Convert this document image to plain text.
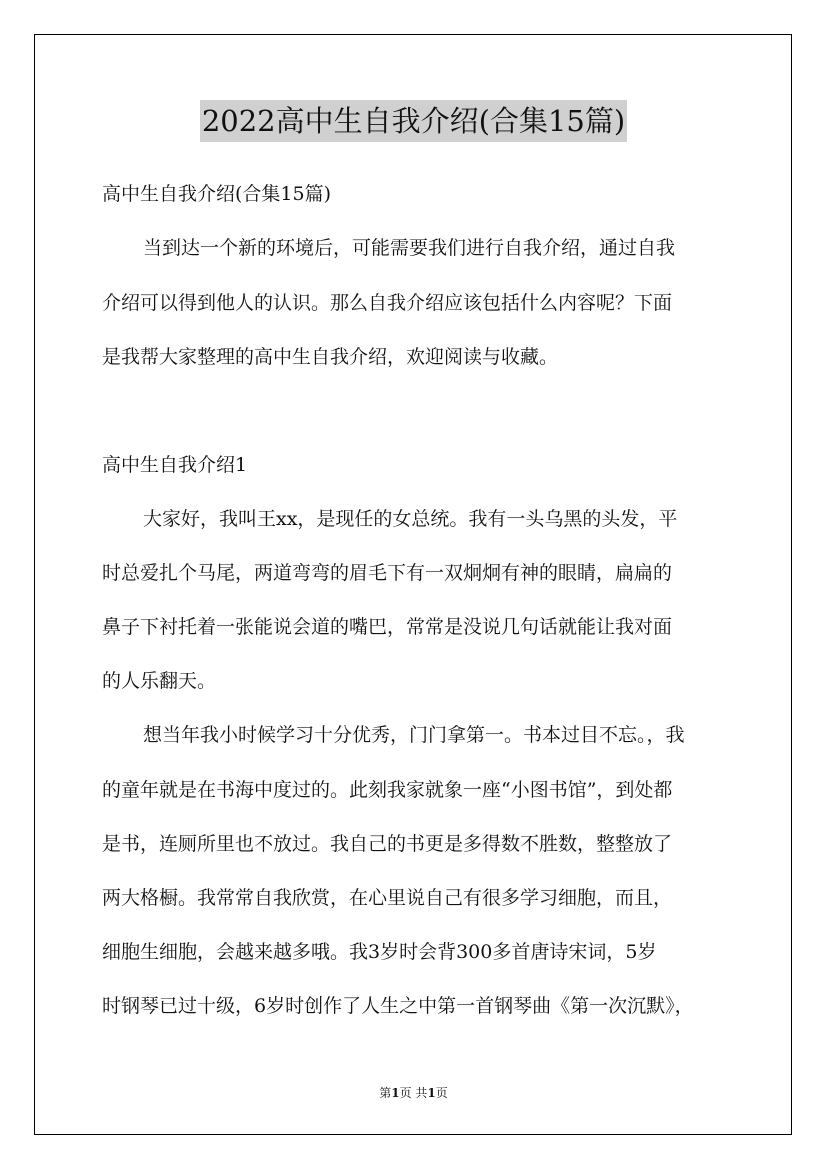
2022高中生自我介绍(合集15篇)
高中生自我介绍(合集15篇)
当到达一个新的环境后，可能需要我们进行自我介绍，通过自我
介绍可以得到他人的认识。那么自我介绍应该包括什么内容呢？下面
是我帮大家整理的高中生自我介绍，欢迎阅读与收藏。
高中生自我介绍1
大家好，我叫王xx，是现任的女总统。我有一头乌黑的头发，平
时总爱扎个马尾，两道弯弯的眉毛下有一双炯炯有神的眼睛，扁扁的
鼻子下衬托着一张能说会道的嘴巴，常常是没说几句话就能让我对面
的人乐翻天。
想当年我小时候学习十分优秀，门门拿第一。书本过目不忘。，我
的童年就是在书海中度过的。此刻我家就象一座“小图书馆”，到处都
是书，连厕所里也不放过。我自己的书更是多得数不胜数，整整放了
两大格橱。我常常自我欣赏，在心里说自己有很多学习细胞，而且，
细胞生细胞，会越来越多哦。我3岁时会背300多首唐诗宋词，5岁
时钢琴已过十级，6岁时创作了人生之中第一首钢琴曲《第一次沉默》，
第1页 共1页
